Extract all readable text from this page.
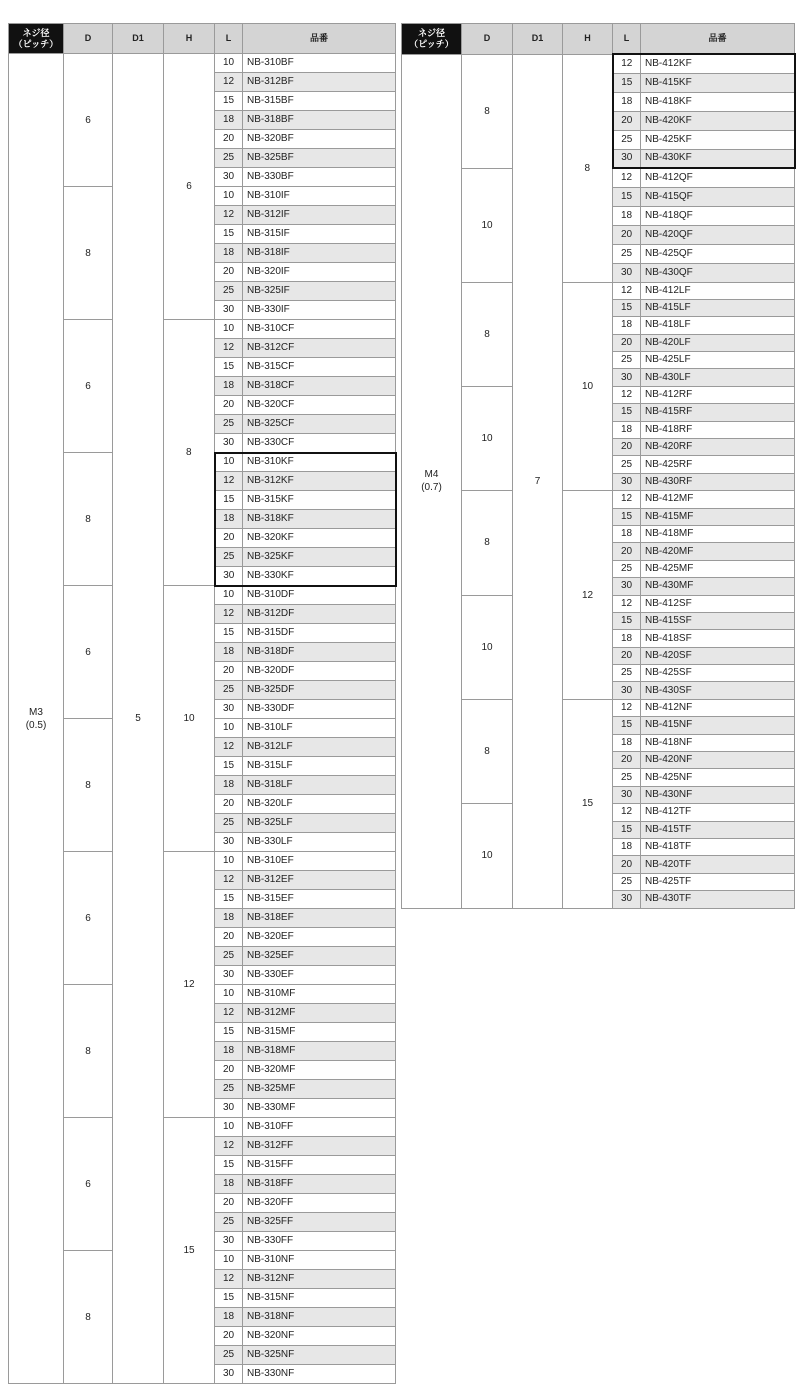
ネジ径
（ピッチ）	D	D1	H	L	品番

M3
(0.5)	6	5	6	10	NB-310BF
				12	NB-312BF
				15	NB-315BF
				18	NB-318BF
				20	NB-320BF
				25	NB-325BF
				30	NB-330BF
	8			10	NB-310IF
				12	NB-312IF
				15	NB-315IF
				18	NB-318IF
				20	NB-320IF
				25	NB-325IF
				30	NB-330IF
	6		8	10	NB-310CF
				12	NB-312CF
				15	NB-315CF
				18	NB-318CF
				20	NB-320CF
				25	NB-325CF
				30	NB-330CF
	8			10	NB-310KF
				12	NB-312KF
				15	NB-315KF
				18	NB-318KF
				20	NB-320KF
				25	NB-325KF
				30	NB-330KF
	6		10	10	NB-310DF
				12	NB-312DF
				15	NB-315DF
				18	NB-318DF
				20	NB-320DF
				25	NB-325DF
				30	NB-330DF
	8			10	NB-310LF
				12	NB-312LF
				15	NB-315LF
				18	NB-318LF
				20	NB-320LF
				25	NB-325LF
				30	NB-330LF
	6		12	10	NB-310EF
				12	NB-312EF
				15	NB-315EF
				18	NB-318EF
				20	NB-320EF
				25	NB-325EF
				30	NB-330EF
	8			10	NB-310MF
				12	NB-312MF
				15	NB-315MF
				18	NB-318MF
				20	NB-320MF
				25	NB-325MF
				30	NB-330MF
	6		15	10	NB-310FF
				12	NB-312FF
				15	NB-315FF
				18	NB-318FF
				20	NB-320FF
				25	NB-325FF
				30	NB-330FF
	8			10	NB-310NF
				12	NB-312NF
				15	NB-315NF
				18	NB-318NF
				20	NB-320NF
				25	NB-325NF
				30	NB-330NF
ネジ径
（ピッチ）	D	D1	H	L	品番

M4
(0.7)	8	7	8	12	NB-412KF
				15	NB-415KF
				18	NB-418KF
				20	NB-420KF
				25	NB-425KF
				30	NB-430KF
	10			12	NB-412QF
				15	NB-415QF
				18	NB-418QF
				20	NB-420QF
				25	NB-425QF
				30	NB-430QF
	8		10	12	NB-412LF
				15	NB-415LF
				18	NB-418LF
				20	NB-420LF
				25	NB-425LF
				30	NB-430LF
	10			12	NB-412RF
				15	NB-415RF
				18	NB-418RF
				20	NB-420RF
				25	NB-425RF
				30	NB-430RF
	8		12	12	NB-412MF
				15	NB-415MF
				18	NB-418MF
				20	NB-420MF
				25	NB-425MF
				30	NB-430MF
	10			12	NB-412SF
				15	NB-415SF
				18	NB-418SF
				20	NB-420SF
				25	NB-425SF
				30	NB-430SF
	8		15	12	NB-412NF
				15	NB-415NF
				18	NB-418NF
				20	NB-420NF
				25	NB-425NF
				30	NB-430NF
	10			12	NB-412TF
				15	NB-415TF
				18	NB-418TF
				20	NB-420TF
				25	NB-425TF
				30	NB-430TF
